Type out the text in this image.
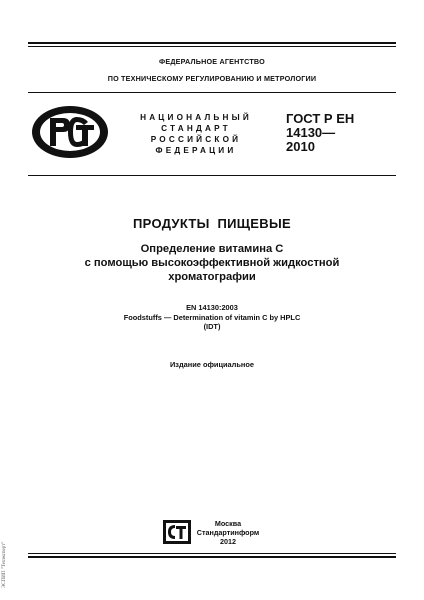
ФЕДЕРАЛЬНОЕ АГЕНТСТВО
ПО ТЕХНИЧЕСКОМУ РЕГУЛИРОВАНИЮ И МЕТРОЛОГИИ
НАЦИОНАЛЬНЫЙ
СТАНДАРТ
РОССИЙСКОЙ
ФЕДЕРАЦИИ
ГОСТ Р ЕН
14130—
2010
ПРОДУКТЫ  ПИЩЕВЫЕ
Определение витамина С
с помощью высокоэффективной жидкостной
хроматографии
EN 14130:2003
Foodstuffs — Determination of vitamin C by HPLC
(IDT)
Издание официальное
Москва
Стандартинформ
2012
ЭСПИП "Техэксперт"
